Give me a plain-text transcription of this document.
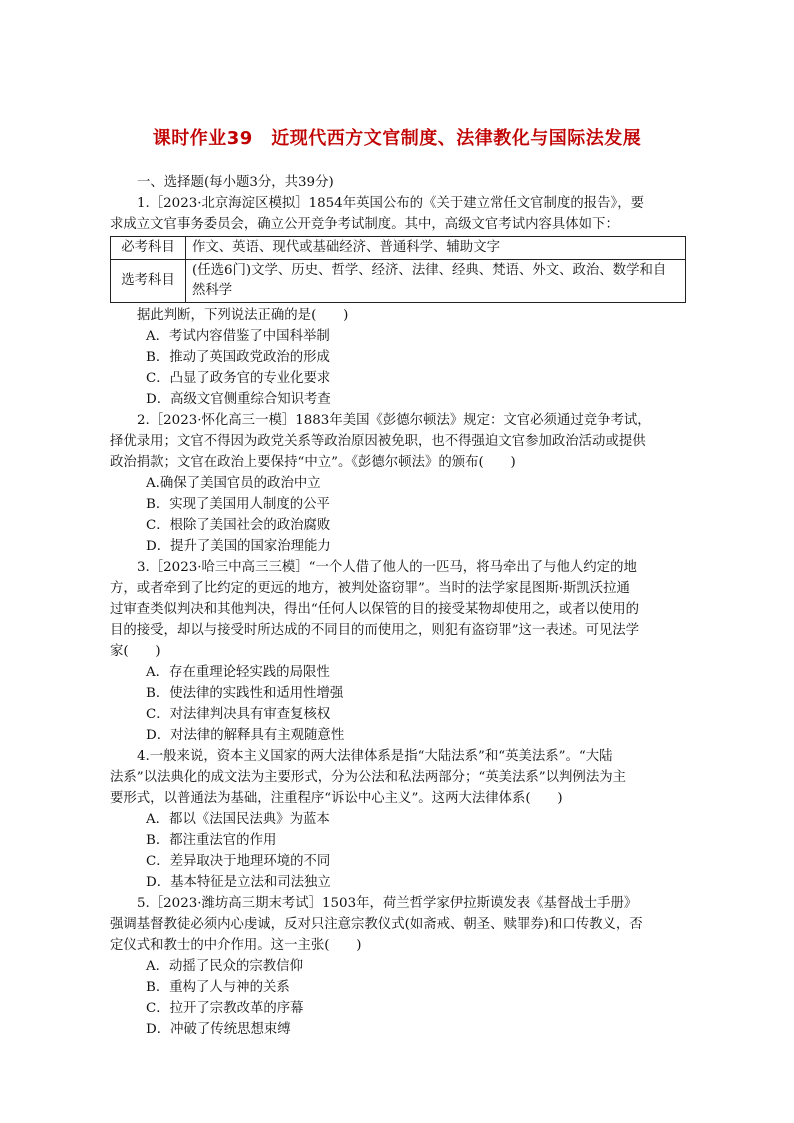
课时作业39　近现代西方文官制度、法律教化与国际法发展
一、选择题(每小题3分，共39分)
1.［2023·北京海淀区模拟］1854年英国公布的《关于建立常任文官制度的报告》，要
求成立文官事务委员会，确立公开竞争考试制度。其中，高级文官考试内容具体如下：
必考科目	作文、英语、现代或基础经济、普通科学、辅助文字
选考科目	(任选6门)文学、历史、哲学、经济、法律、经典、梵语、外文、政治、数学和自然科学
据此判断，下列说法正确的是(　　)
A．考试内容借鉴了中国科举制
B．推动了英国政党政治的形成
C．凸显了政务官的专业化要求
D．高级文官侧重综合知识考查
2.［2023·怀化高三一模］1883年美国《彭德尔顿法》规定：文官必须通过竞争考试，
择优录用；文官不得因为政党关系等政治原因被免职，也不得强迫文官参加政治活动或提供
政治捐款；文官在政治上要保持“中立”。《彭德尔顿法》的颁布(　　)
A.确保了美国官员的政治中立
B．实现了美国用人制度的公平
C．根除了美国社会的政治腐败
D．提升了美国的国家治理能力
3.［2023·哈三中高三三模］“一个人借了他人的一匹马，将马牵出了与他人约定的地
方，或者牵到了比约定的更远的地方，被判处盗窃罪”。当时的法学家昆图斯·斯凯沃拉通
过审查类似判决和其他判决，得出“任何人以保管的目的接受某物却使用之，或者以使用的
目的接受，却以与接受时所达成的不同目的而使用之，则犯有盗窃罪”这一表述。可见法学
家(　　)
A．存在重理论轻实践的局限性
B．使法律的实践性和适用性增强
C．对法律判决具有审查复核权
D．对法律的解释具有主观随意性
4.一般来说，资本主义国家的两大法律体系是指“大陆法系”和“英美法系”。“大陆
法系”以法典化的成文法为主要形式，分为公法和私法两部分；“英美法系”以判例法为主
要形式，以普通法为基础，注重程序“诉讼中心主义”。这两大法律体系(　　)
A．都以《法国民法典》为蓝本
B．都注重法官的作用
C．差异取决于地理环境的不同
D．基本特征是立法和司法独立
5.［2023·潍坊高三期末考试］1503年，荷兰哲学家伊拉斯谟发表《基督战士手册》
强调基督教徒必须内心虔诚，反对只注意宗教仪式(如斋戒、朝圣、赎罪券)和口传教义，否
定仪式和教士的中介作用。这一主张(　　)
A．动摇了民众的宗教信仰
B．重构了人与神的关系
C．拉开了宗教改革的序幕
D．冲破了传统思想束缚
